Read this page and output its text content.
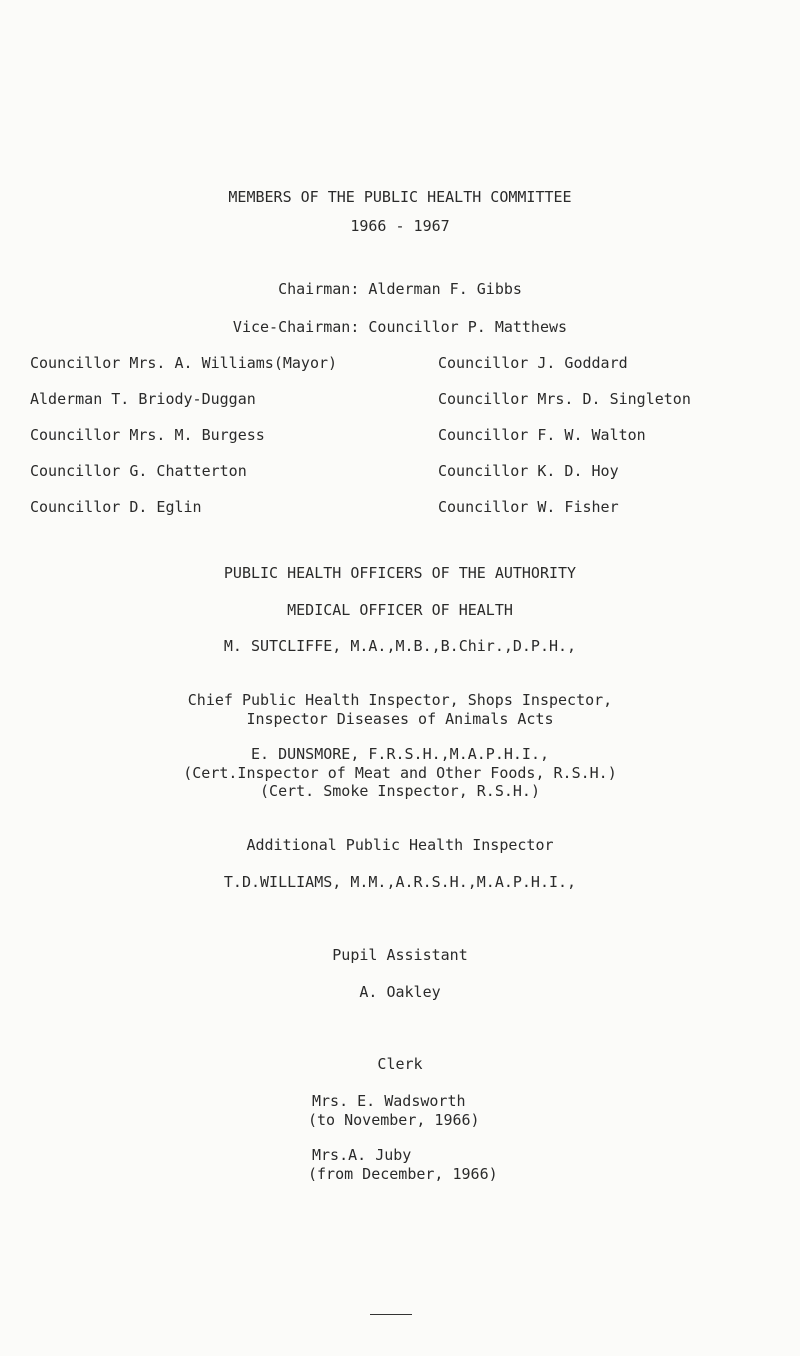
MEMBERS OF THE PUBLIC HEALTH COMMITTEE
1966 - 1967
Chairman: Alderman F. Gibbs
Vice-Chairman: Councillor P. Matthews
Councillor Mrs. A. Williams(Mayor)
Alderman T. Briody-Duggan
Councillor Mrs. M. Burgess
Councillor G. Chatterton
Councillor D. Eglin
Councillor J. Goddard
Councillor Mrs. D. Singleton
Councillor F. W. Walton
Councillor K. D. Hoy
Councillor W. Fisher
PUBLIC HEALTH OFFICERS OF THE AUTHORITY
MEDICAL OFFICER OF HEALTH
M. SUTCLIFFE, M.A.,M.B.,B.Chir.,D.P.H.,
Chief Public Health Inspector, Shops Inspector,
Inspector Diseases of Animals Acts
E. DUNSMORE, F.R.S.H.,M.A.P.H.I.,
(Cert.Inspector of Meat and Other Foods, R.S.H.)
(Cert. Smoke Inspector, R.S.H.)
Additional Public Health Inspector
T.D.WILLIAMS, M.M.,A.R.S.H.,M.A.P.H.I.,
Pupil Assistant
A. Oakley
Clerk
Mrs. E. Wadsworth
(to November, 1966)
Mrs.A. Juby
(from December, 1966)
